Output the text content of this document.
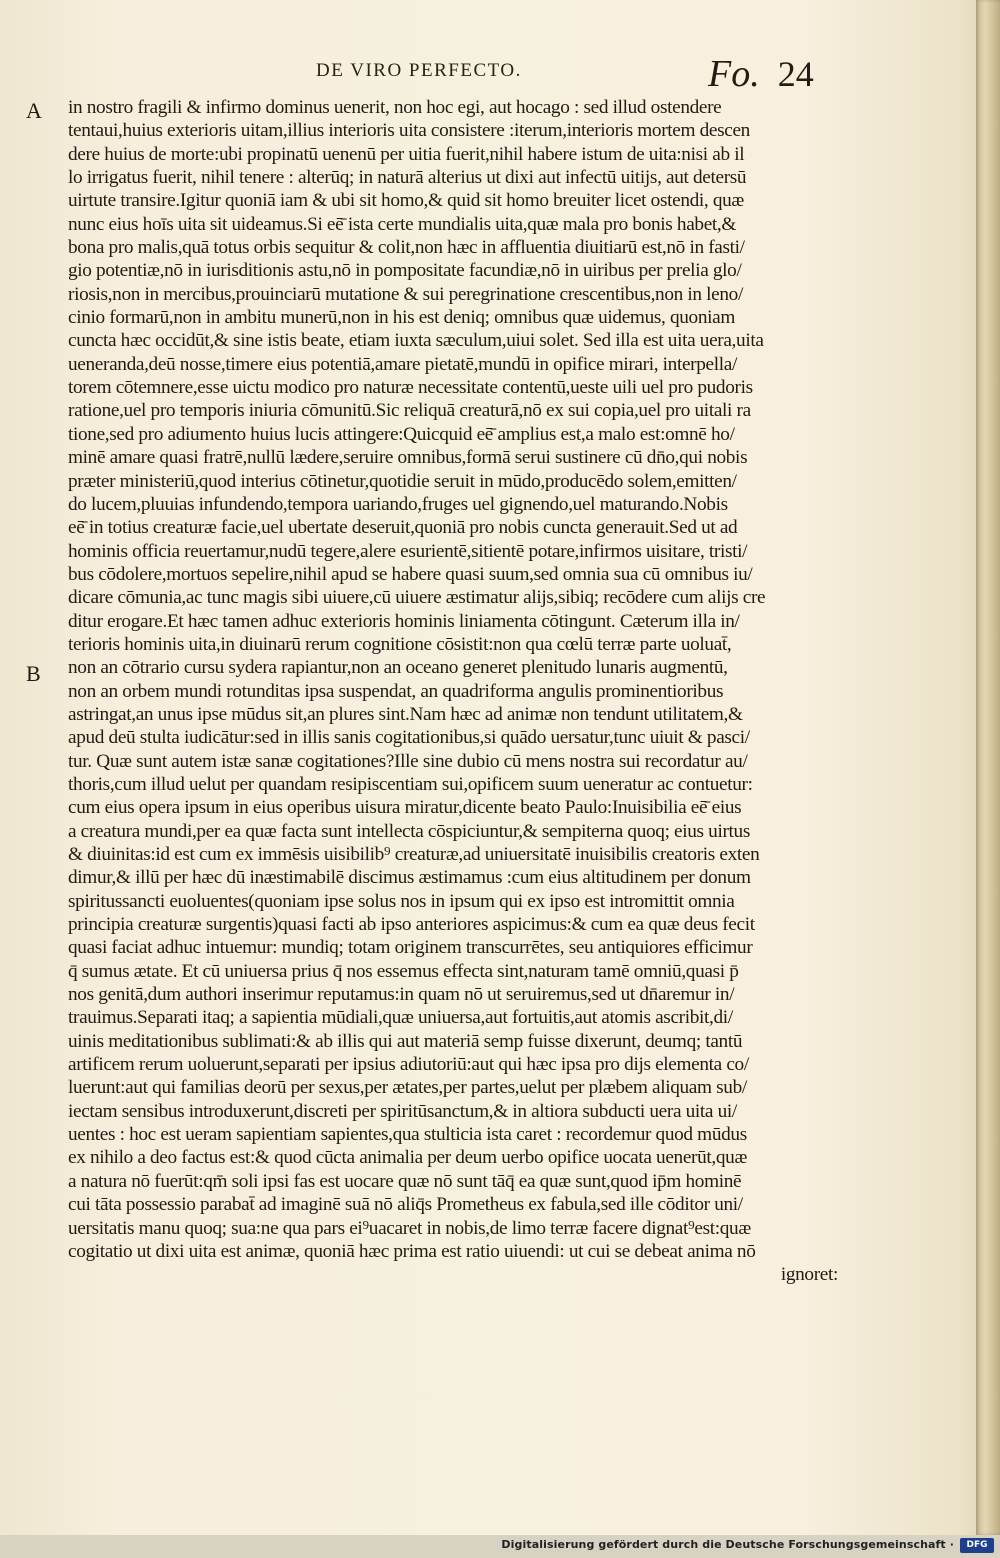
DE VIRO PERFECTO.	Fo. 24
A
B
in nostro fragili & infirmo dominus uenerit, non hoc egi, aut hocago : sed illud ostendere
tentaui,huius exterioris uitam,illius interioris uita consistere :iterum,interioris mortem descen
dere huius de morte:ubi propinatū uenenū per uitia fuerit,nihil habere istum de uita:nisi ab il
lo irrigatus fuerit, nihil tenere : alterūq; in naturā alterius ut dixi aut infectū uitijs, aut detersū
uirtute transire.Igitur quoniā iam & ubi sit homo,& quid sit homo breuiter licet ostendi, quæ
nunc eius hoīs uita sit uideamus.Si eē̄ ista certe mundialis uita,quæ mala pro bonis habet,&
bona pro malis,quā totus orbis sequitur & colit,non hæc in affluentia diuitiarū est,nō in fasti/
gio potentiæ,nō in iurisditionis astu,nō in pompositate facundiæ,nō in uiribus per prelia glo/
riosis,non in mercibus,prouinciarū mutatione & sui peregrinatione crescentibus,non in leno/
cinio formarū,non in ambitu munerū,non in his est deniq; omnibus quæ uidemus, quoniam
cuncta hæc occidūt,& sine istis beate, etiam iuxta sæculum,uiui solet. Sed illa est uita uera,uita
ueneranda,deū nosse,timere eius potentiā,amare pietatē,mundū in opifice mirari, interpella/
torem cōtemnere,esse uictu modico pro naturæ necessitate contentū,ueste uili uel pro pudoris
ratione,uel pro temporis iniuria cōmunitū.Sic reliquā creaturā,nō ex sui copia,uel pro uitali ra
tione,sed pro adiumento huius lucis attingere:Quicquid eē̄ amplius est,a malo est:omnē ho/
minē amare quasi fratrē,nullū lædere,seruire omnibus,formā serui sustinere cū dn̄o,qui nobis
præter ministeriū,quod interius cōtinetur,quotidie seruit in mūdo,producēdo solem,emitten/
do lucem,pluuias infundendo,tempora uariando,fruges uel gignendo,uel maturando.Nobis
eē̄ in totius creaturæ facie,uel ubertate deseruit,quoniā pro nobis cuncta generauit.Sed ut ad
hominis officia reuertamur,nudū tegere,alere esurientē,sitientē potare,infirmos uisitare, tristi/
bus cōdolere,mortuos sepelire,nihil apud se habere quasi suum,sed omnia sua cū omnibus iu/
dicare cōmunia,ac tunc magis sibi uiuere,cū uiuere æstimatur alijs,sibiq; recōdere cum alijs cre
ditur erogare.Et hæc tamen adhuc exterioris hominis liniamenta cōtingunt. Cæterum illa in/
terioris hominis uita,in diuinarū rerum cognitione cōsistit:non qua cœlū terræ parte uoluat̄,
non an cōtrario cursu sydera rapiantur,non an oceano generet plenitudo lunaris augmentū,
non an orbem mundi rotunditas ipsa suspendat, an quadriforma angulis prominentioribus
astringat,an unus ipse mūdus sit,an plures sint.Nam hæc ad animæ non tendunt utilitatem,&
apud deū stulta iudicātur:sed in illis sanis cogitationibus,si quādo uersatur,tunc uiuit & pasci/
tur. Quæ sunt autem istæ sanæ cogitationes?Ille sine dubio cū mens nostra sui recordatur au/
thoris,cum illud uelut per quandam resipiscentiam sui,opificem suum ueneratur ac contuetur:
cum eius opera ipsum in eius operibus uisura miratur,dicente beato Paulo:Inuisibilia eē̄ eius
a creatura mundi,per ea quæ facta sunt intellecta cōspiciuntur,& sempiterna quoq; eius uirtus
& diuinitas:id est cum ex immēsis uisibilib⁹ creaturæ,ad uniuersitatē inuisibilis creatoris exten
dimur,& illū per hæc dū inæstimabilē discimus æstimamus :cum eius altitudinem per donum
spiritussancti euoluentes(quoniam ipse solus nos in ipsum qui ex ipso est intromittit omnia
principia creaturæ surgentis)quasi facti ab ipso anteriores aspicimus:& cum ea quæ deus fecit
quasi faciat adhuc intuemur: mundiq; totam originem transcurrētes, seu antiquiores efficimur
q̄ sumus ætate. Et cū uniuersa prius q̄ nos essemus effecta sint,naturam tamē omniū,quasi p̄
nos genitā,dum authori inserimur reputamus:in quam nō ut seruiremus,sed ut dn̄aremur in/
trauimus.Separati itaq; a sapientia mūdiali,quæ uniuersa,aut fortuitis,aut atomis ascribit,di/
uinis meditationibus sublimati:& ab illis qui aut materiā semp fuisse dixerunt, deumq; tantū
artificem rerum uoluerunt,separati per ipsius adiutoriū:aut qui hæc ipsa pro dijs elementa co/
luerunt:aut qui familias deorū per sexus,per ætates,per partes,uelut per plæbem aliquam sub/
iectam sensibus introduxerunt,discreti per spiritūsanctum,& in altiora subducti uera uita ui/
uentes : hoc est ueram sapientiam sapientes,qua stulticia ista caret : recordemur quod mūdus
ex nihilo a deo factus est:& quod cūcta animalia per deum uerbo opifice uocata uenerūt,quæ
a natura nō fuerūt:qm̄ soli ipsi fas est uocare quæ nō sunt tāq̄ ea quæ sunt,quod ip̄m hominē
cui tāta possessio parabat̄ ad imaginē suā nō aliq̄s Prometheus ex fabula,sed ille cōditor uni/
uersitatis manu quoq; sua:ne qua pars ei⁹uacaret in nobis,de limo terræ facere dignat⁹est:quæ
cogitatio ut dixi uita est animæ, quoniā hæc prima est ratio uiuendi: ut cui se debeat anima nō
ignoret:
Digitalisierung gefördert durch die Deutsche Forschungsgemeinschaft ·	DFG
